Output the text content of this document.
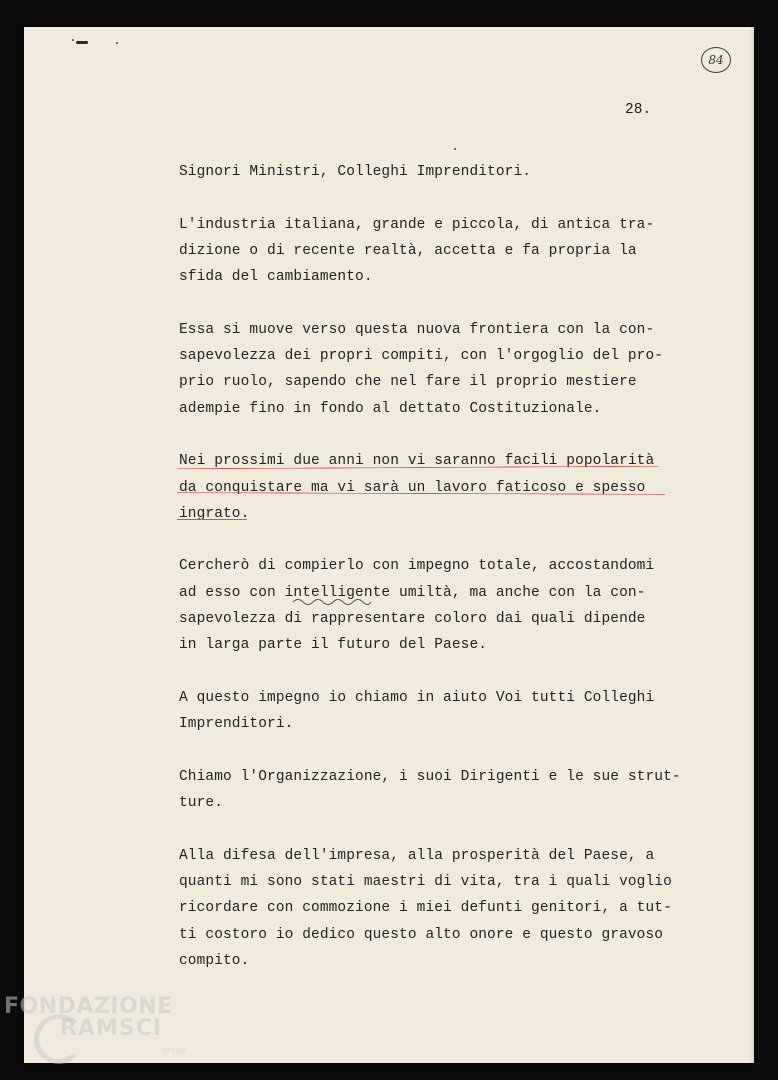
84
28.
Signori Ministri, Colleghi Imprenditori.
L'industria italiana, grande e piccola, di antica tra-
dizione o di recente realtà, accetta e fa propria la
sfida del cambiamento.
Essa si muove verso questa nuova frontiera con la con-
sapevolezza dei propri compiti, con l'orgoglio del pro-
prio ruolo, sapendo che nel fare il proprio mestiere
adempie fino in fondo al dettato Costituzionale.
Nei prossimi due anni non vi saranno facili popolarità
da conquistare ma vi sarà un lavoro faticoso e spesso
ingrato.
Cercherò di compierlo con impegno totale, accostandomi
ad esso con intelligente umiltà, ma anche con la con-
sapevolezza di rappresentare coloro dai quali dipende
in larga parte il futuro del Paese.
A questo impegno io chiamo in aiuto Voi tutti Colleghi
Imprenditori.
Chiamo l'Organizzazione, i suoi Dirigenti e le sue strut-
ture.
Alla difesa dell'impresa, alla prosperità del Paese, a
quanti mi sono stati maestri di vita, tra i quali voglio
ricordare con commozione i miei defunti genitori, a tut-
ti costoro io dedico questo alto onore e questo gravoso
compito.
FONDAZIONE
RAMSCI
onlus
